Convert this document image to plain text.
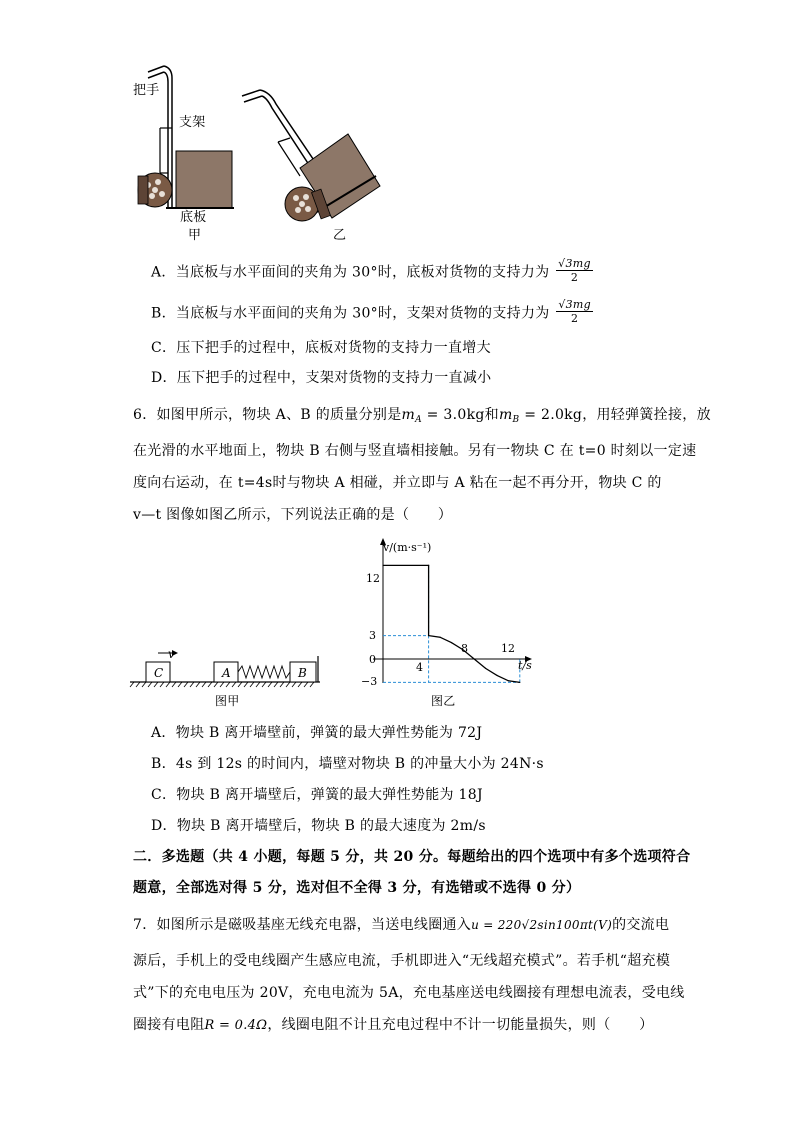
把手
支架
底板
甲	乙
A．当底板与水平面间的夹角为 30°时，底板对货物的支持力为 $\frac{√3mg}{2}$
B．当底板与水平面间的夹角为 30°时，支架对货物的支持力为 $\frac{√3mg}{2}$
C．压下把手的过程中，底板对货物的支持力一直增大
D．压下把手的过程中，支架对货物的支持力一直减小
6．如图甲所示，物块 A、B 的质量分别是$m_A = 3.0kg$和$m_B = 2.0kg$，用轻弹簧拴接，放
在光滑的水平地面上，物块 B 右侧与竖直墙相接触。另有一物块 C 在 t=0 时刻以一定速
度向右运动，在 t=4s时与物块 A 相碰，并立即与 A 粘在一起不再分开，物块 C 的
v—t 图像如图乙所示，下列说法正确的是（　　）
v
C	A	B
图甲
v/(m·s⁻¹)
t/s
12
3
0
−3
4
8	12
图乙
A．物块 B 离开墙壁前，弹簧的最大弹性势能为 72J
B．4s 到 12s 的时间内，墙壁对物块 B 的冲量大小为 24N·s
C．物块 B 离开墙壁后，弹簧的最大弹性势能为 18J
D．物块 B 离开墙壁后，物块 B 的最大速度为 2m/s
二．多选题（共 4 小题，每题 5 分，共 20 分。每题给出的四个选项中有多个选项符合
题意，全部选对得 5 分，选对但不全得 3 分，有选错或不选得 0 分）
7．如图所示是磁吸基座无线充电器，当送电线圈通入u = 220√2sin100πt(V)的交流电
源后，手机上的受电线圈产生感应电流，手机即进入“无线超充模式”。若手机“超充模
式”下的充电电压为 20V，充电电流为 5A，充电基座送电线圈接有理想电流表，受电线
圈接有电阻R = 0.4Ω，线圈电阻不计且充电过程中不计一切能量损失，则（　　）
